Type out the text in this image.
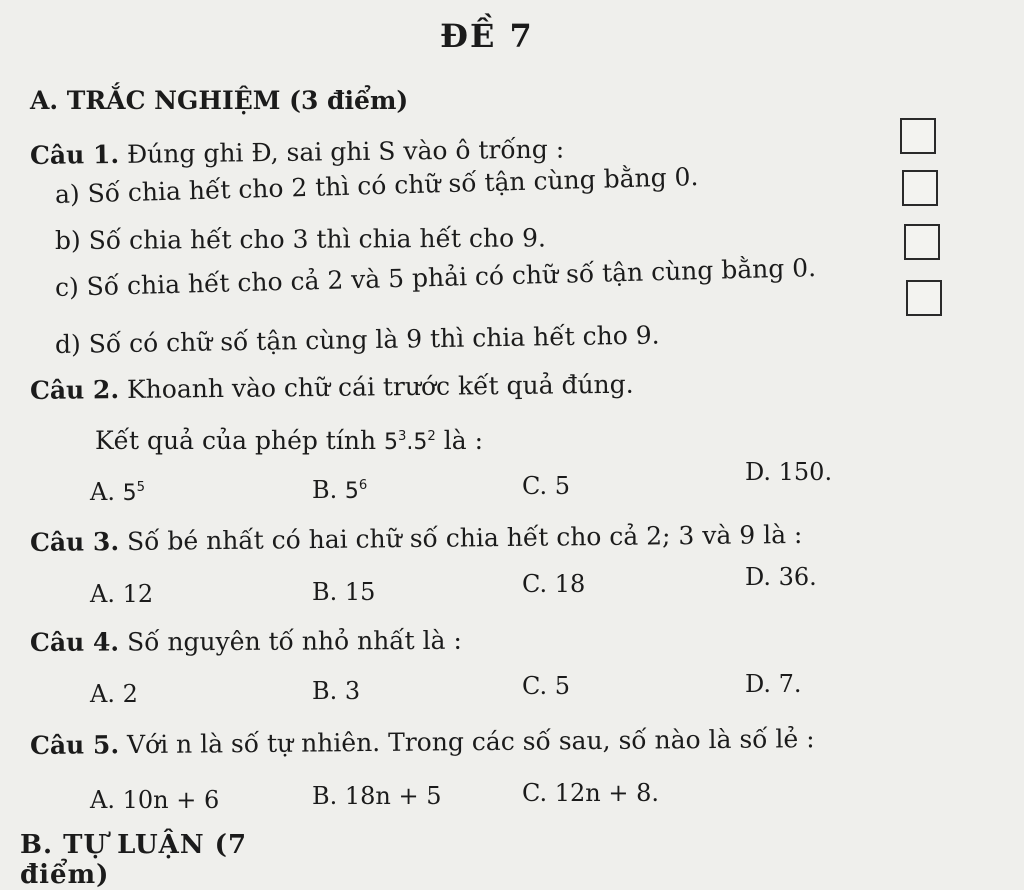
ĐỀ 7
A. TRẮC NGHIỆM (3 điểm)
Câu 1. Đúng ghi Đ, sai ghi S vào ô trống :
a) Số chia hết cho 2 thì có chữ số tận cùng bằng 0.
b) Số chia hết cho 3 thì chia hết cho 9.
c) Số chia hết cho cả 2 và 5 phải có chữ số tận cùng bằng 0.
d) Số có chữ số tận cùng là 9 thì chia hết cho 9.
Câu 2. Khoanh vào chữ cái trước kết quả đúng.
Kết quả của phép tính $5^3.5^2$ là :
A. $5^5$	B. $5^6$	C. 5	D. 150.
Câu 3. Số bé nhất có hai chữ số chia hết cho cả 2; 3 và 9 là :
A. 12	B. 15	C. 18	D. 36.
Câu 4. Số nguyên tố nhỏ nhất là :
A. 2	B. 3	C. 5	D. 7.
Câu 5. Với n là số tự nhiên. Trong các số sau, số nào là số lẻ :
A. 10n + 6	B. 18n + 5	C. 12n + 8.
B. TỰ LUẬN (7 điểm)
